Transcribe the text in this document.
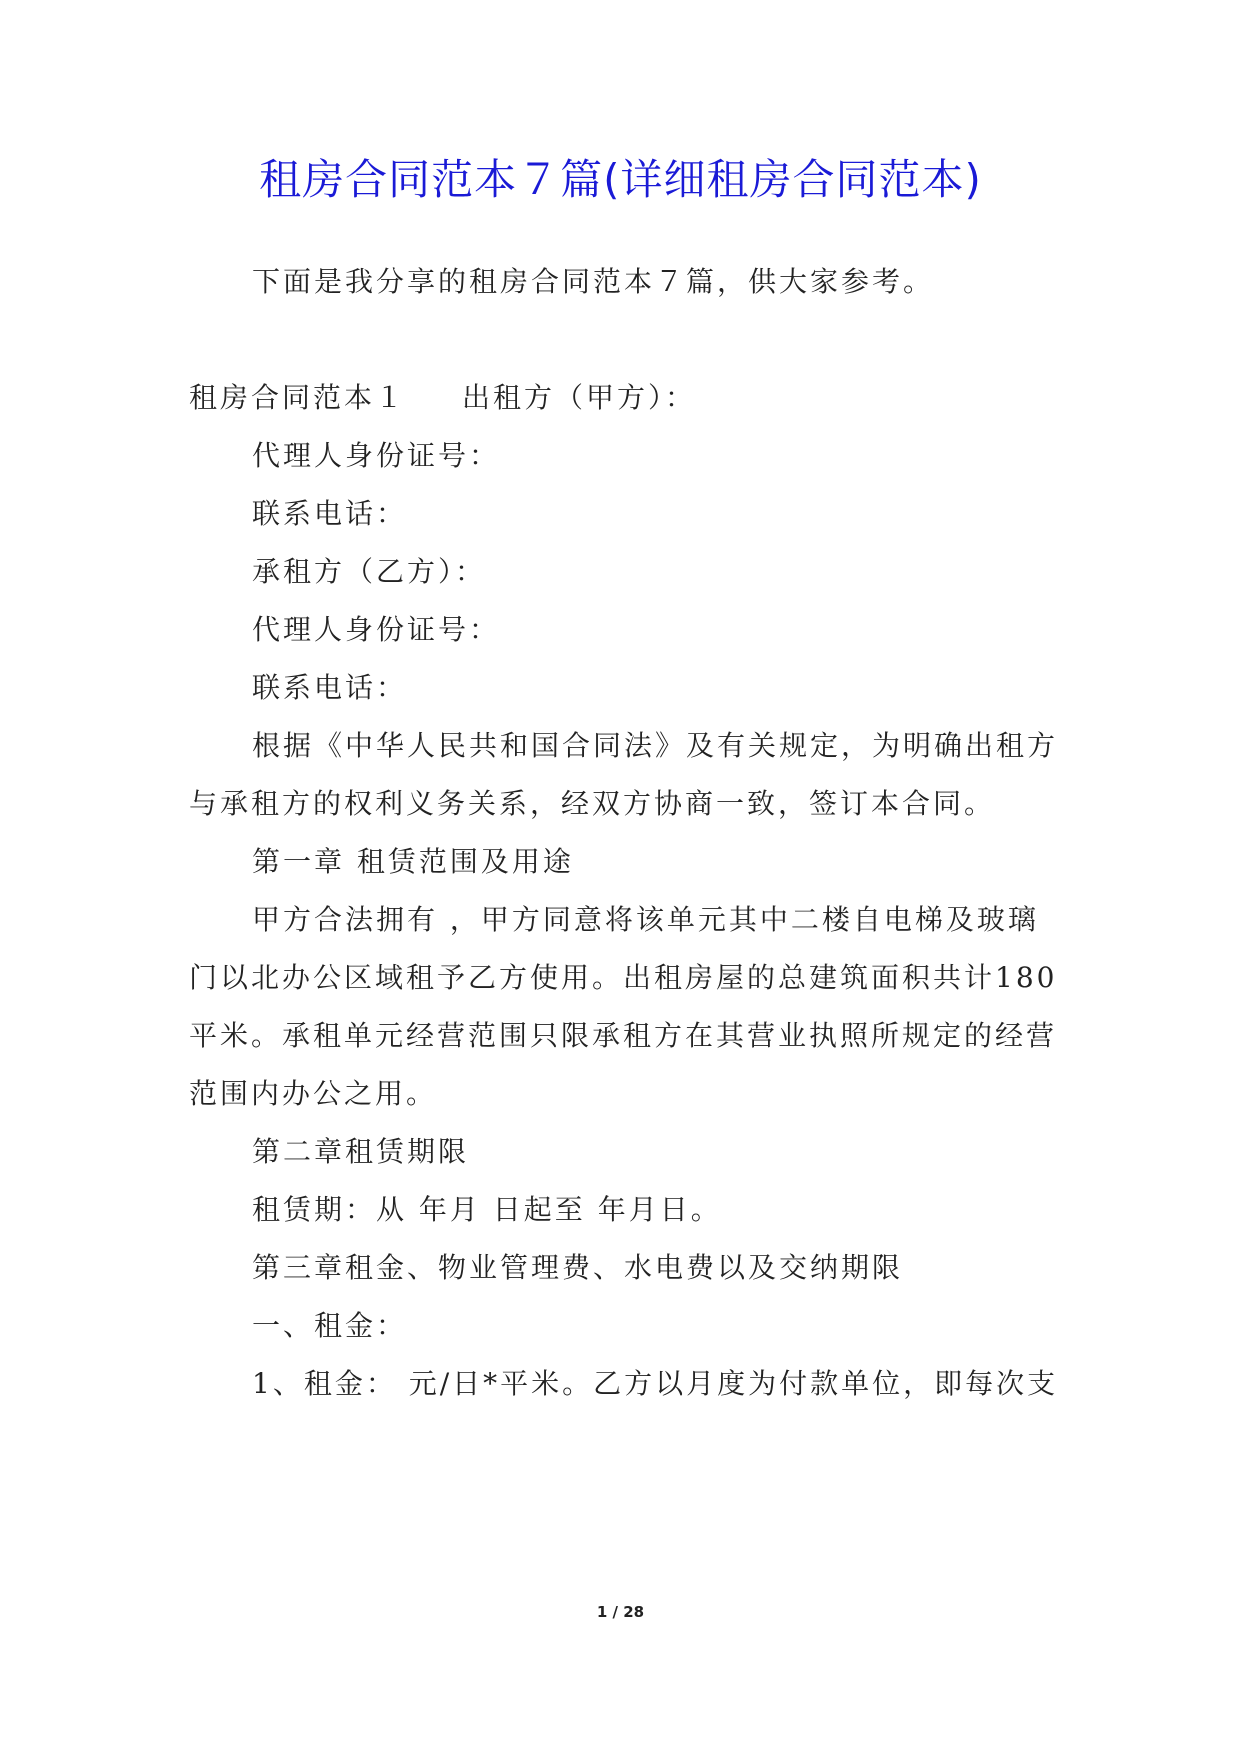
租房合同范本７篇(详细租房合同范本)
下面是我分享的租房合同范本７篇，供大家参考。
租房合同范本１ 出租方（甲方）：
代理人身份证号：
联系电话：
承租方（乙方）：
代理人身份证号：
联系电话：
根据《中华人民共和国合同法》及有关规定，为明确出租方
与承租方的权利义务关系，经双方协商一致，签订本合同。
第一章 租赁范围及用途
甲方合法拥有 ，甲方同意将该单元其中二楼自电梯及玻璃
门以北办公区域租予乙方使用。出租房屋的总建筑面积共计180
平米。承租单元经营范围只限承租方在其营业执照所规定的经营
范围内办公之用。
第二章租赁期限
租赁期：从 年月 日起至 年月日。
第三章租金、物业管理费、水电费以及交纳期限
一、租金：
1、租金： 元/日*平米。乙方以月度为付款单位，即每次支
1 / 28
